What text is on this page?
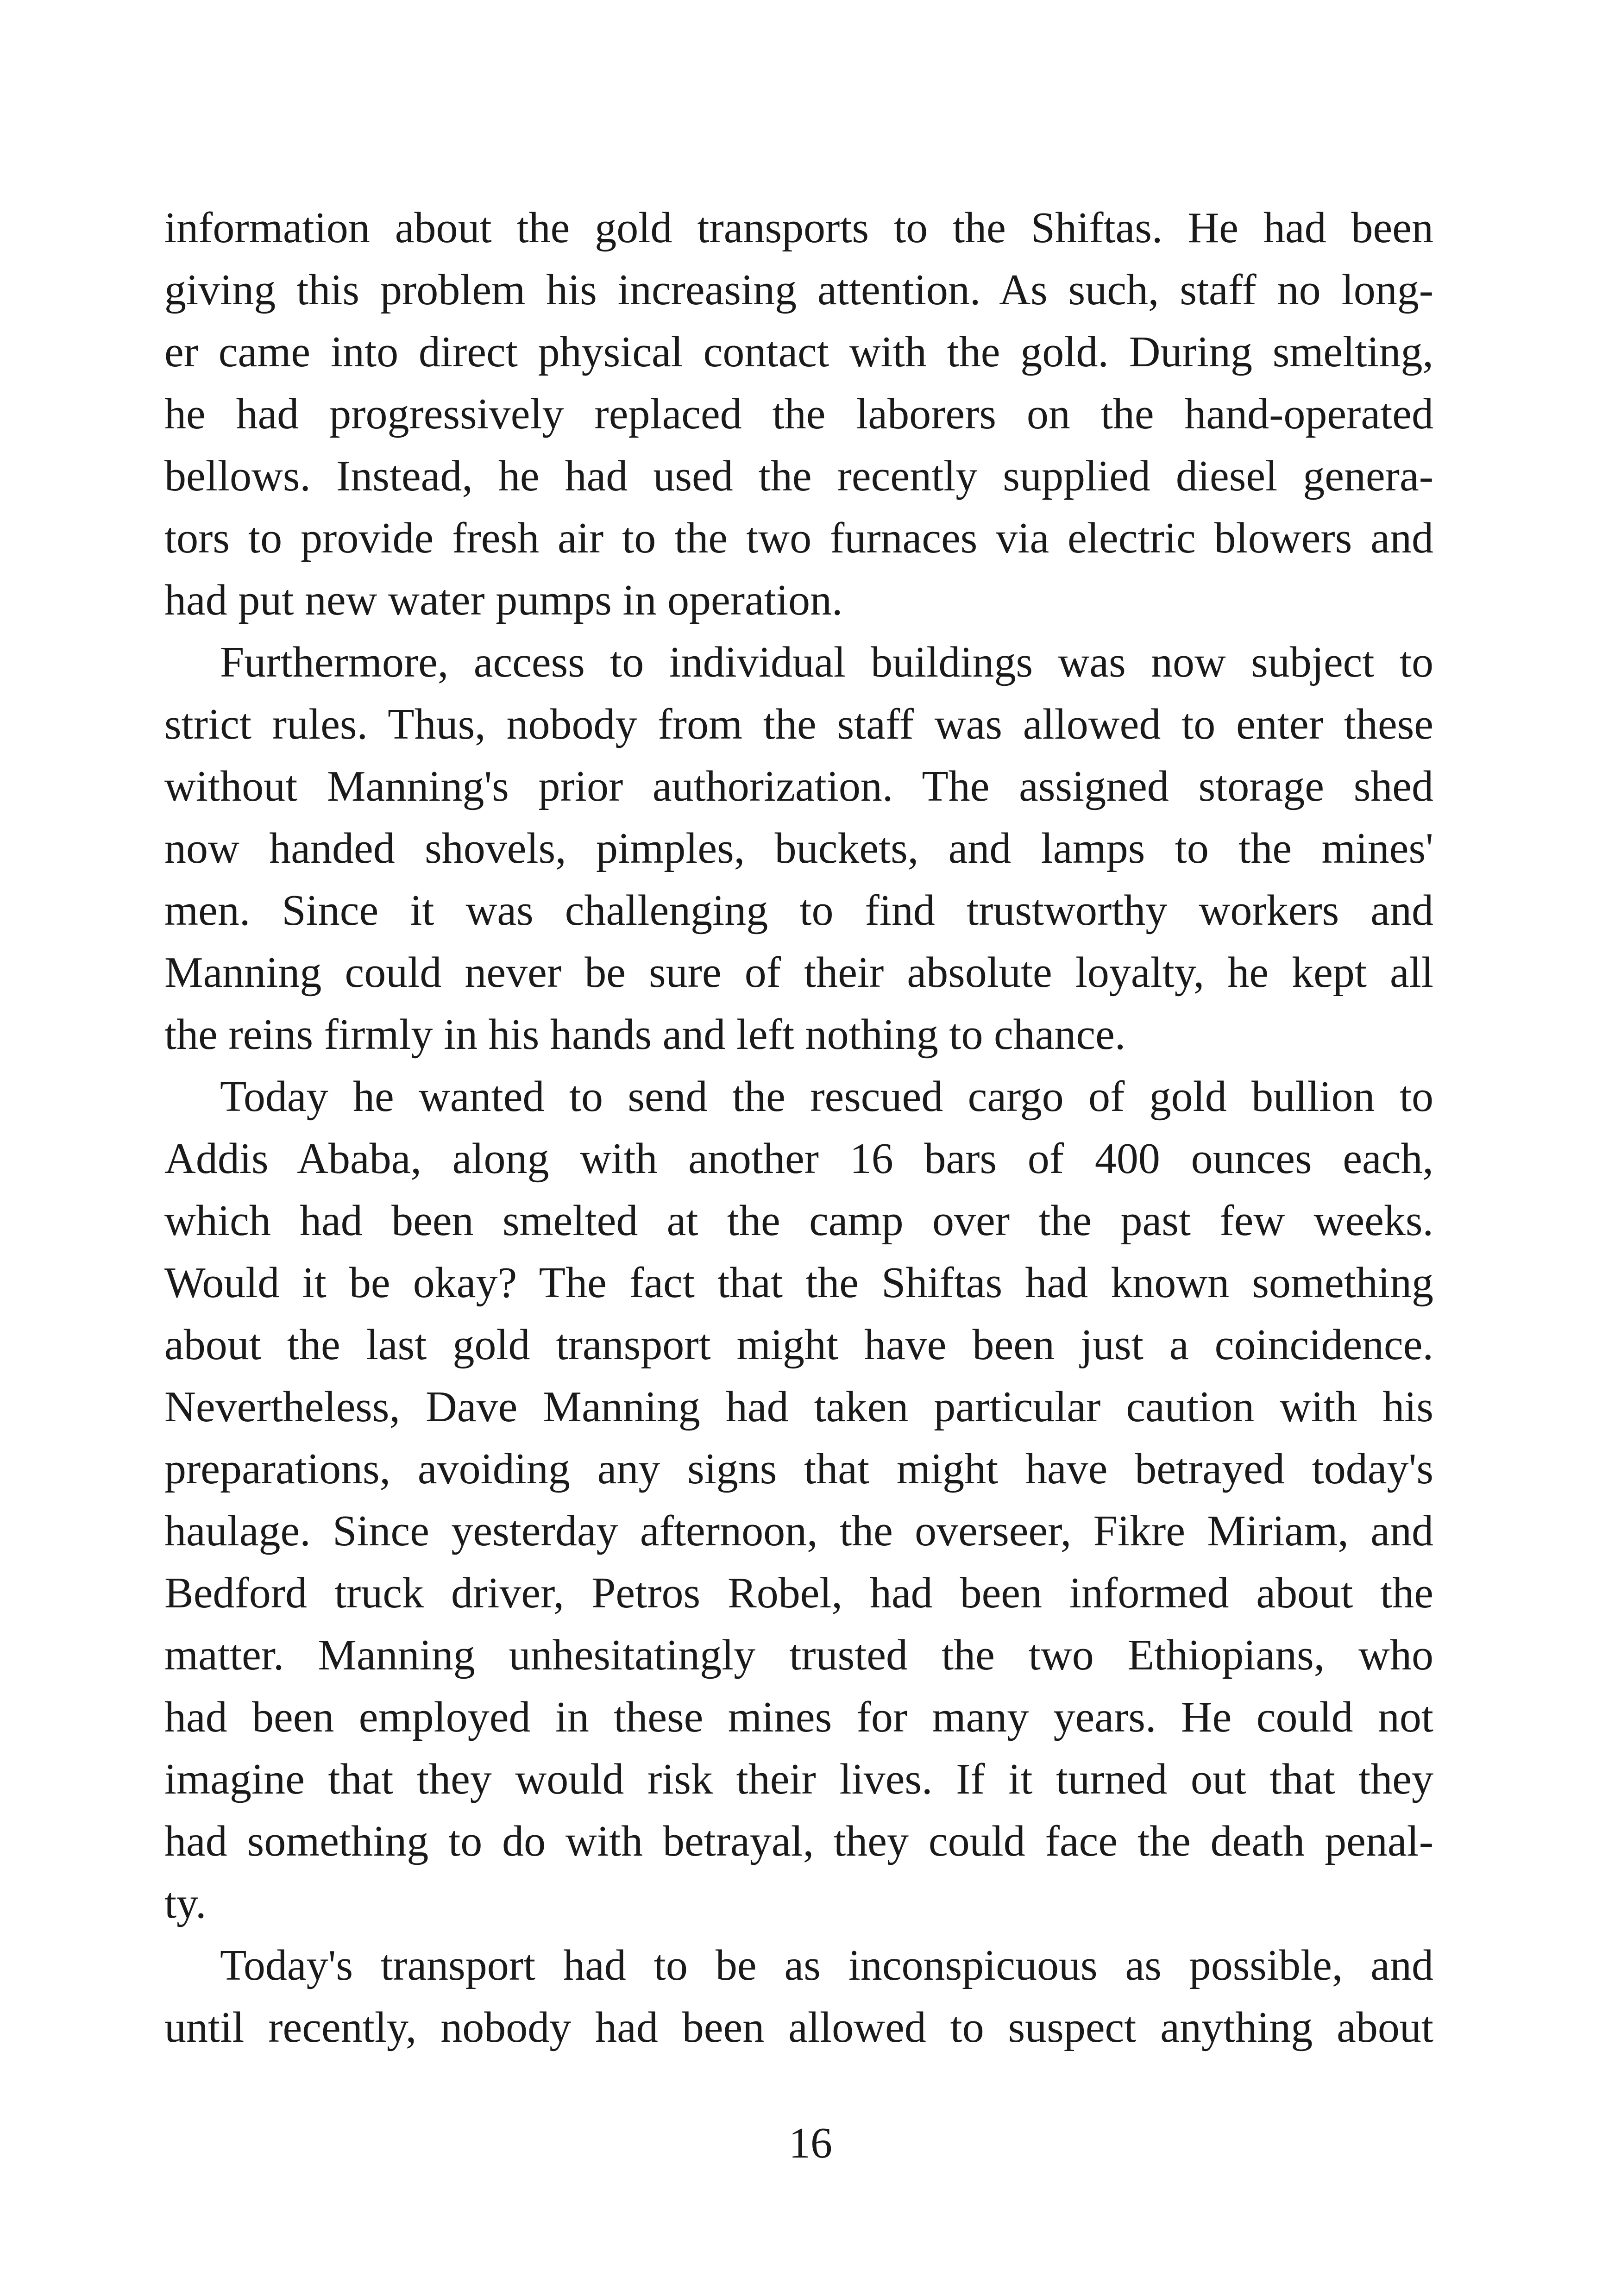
information about the gold transports to the Shiftas. He had been
giving this problem his increasing attention. As such, staff no long-
er came into direct physical contact with the gold. During smelting,
he had progressively replaced the laborers on the hand-operated
bellows. Instead, he had used the recently supplied diesel genera-
tors to provide fresh air to the two furnaces via electric blowers and
had put new water pumps in operation.
Furthermore, access to individual buildings was now subject to
strict rules. Thus, nobody from the staff was allowed to enter these
without Manning's prior authorization. The assigned storage shed
now handed shovels, pimples, buckets, and lamps to the mines'
men. Since it was challenging to find trustworthy workers and
Manning could never be sure of their absolute loyalty, he kept all
the reins firmly in his hands and left nothing to chance.
Today he wanted to send the rescued cargo of gold bullion to
Addis Ababa, along with another 16 bars of 400 ounces each,
which had been smelted at the camp over the past few weeks.
Would it be okay? The fact that the Shiftas had known something
about the last gold transport might have been just a coincidence.
Nevertheless, Dave Manning had taken particular caution with his
preparations, avoiding any signs that might have betrayed today's
haulage. Since yesterday afternoon, the overseer, Fikre Miriam, and
Bedford truck driver, Petros Robel, had been informed about the
matter. Manning unhesitatingly trusted the two Ethiopians, who
had been employed in these mines for many years. He could not
imagine that they would risk their lives. If it turned out that they
had something to do with betrayal, they could face the death penal-
ty.
Today's transport had to be as inconspicuous as possible, and
until recently, nobody had been allowed to suspect anything about
16
